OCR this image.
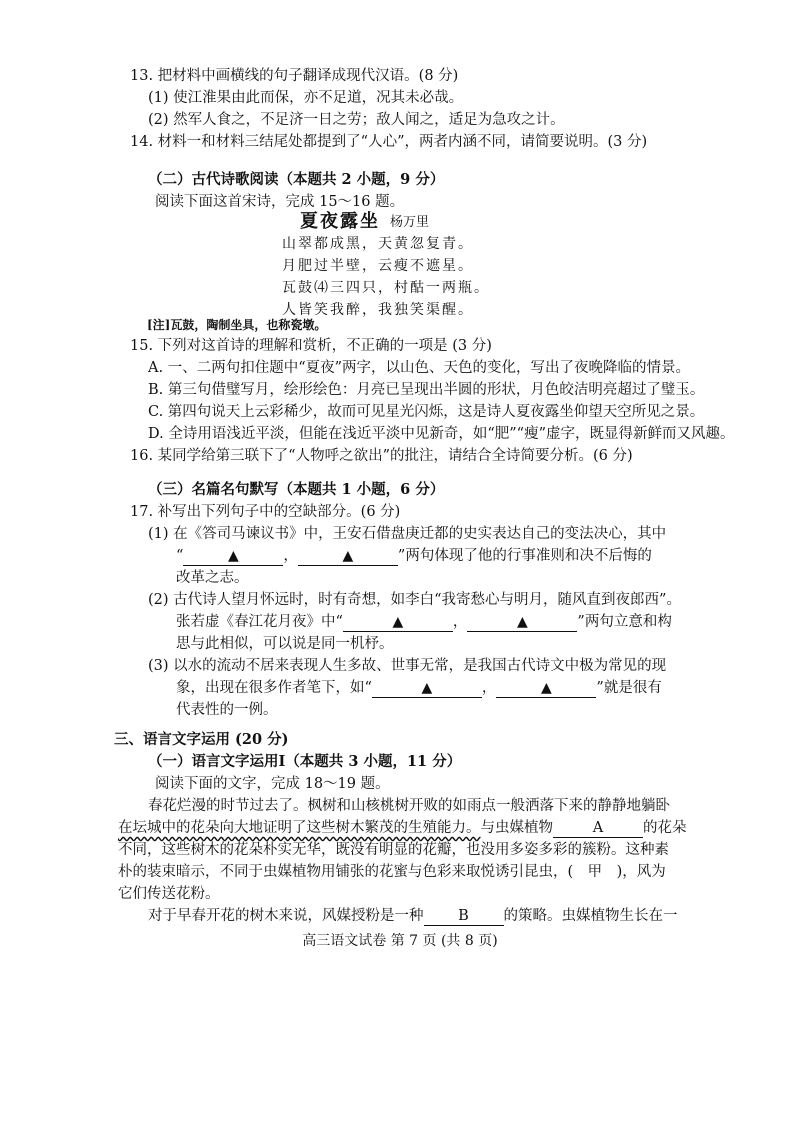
13. 把材料中画横线的句子翻译成现代汉语。(8 分)
(1) 使江淮果由此而保，亦不足道，况其未必哉。
(2) 然军人食之，不足济一日之劳；敌人闻之，适足为急攻之计。
14. 材料一和材料三结尾处都提到了“人心”，两者内涵不同，请简要说明。(3 分)
（二）古代诗歌阅读（本题共 2 小题，9 分）
阅读下面这首宋诗，完成 15～16 题。
夏夜露坐 杨万里
山翠都成黑，天黄忽复青。
月肥过半壁，云瘦不遮星。
瓦鼓⑷三四只，村酤一两瓶。
人皆笑我醉，我独笑渠醒。
[注]瓦鼓，陶制坐具，也称瓷墩。
15. 下列对这首诗的理解和赏析，不正确的一项是 (3 分)
A. 一、二两句扣住题中“夏夜”两字，以山色、天色的变化，写出了夜晚降临的情景。
B. 第三句借璧写月，绘形绘色：月亮已呈现出半圆的形状，月色皎洁明亮超过了璧玉。
C. 第四句说天上云彩稀少，故而可见星光闪烁，这是诗人夏夜露坐仰望天空所见之景。
D. 全诗用语浅近平淡，但能在浅近平淡中见新奇，如“肥”“瘦”虚字，既显得新鲜而又风趣。
16. 某同学给第三联下了“人物呼之欲出”的批注，请结合全诗简要分析。(6 分)
（三）名篇名句默写（本题共 1 小题，6 分）
17. 补写出下列句子中的空缺部分。(6 分)
(1) 在《答司马谏议书》中，王安石借盘庚迁都的史实表达自己的变法决心，其中
“	▲	，	▲	”两句体现了他的行事准则和决不后悔的
改革之志。
(2) 古代诗人望月怀远时，时有奇想，如李白“我寄愁心与明月，随风直到夜郎西”。
张若虚《春江花月夜》中“	▲	，	▲	”两句立意和构
思与此相似，可以说是同一机杼。
(3) 以水的流动不居来表现人生多故、世事无常，是我国古代诗文中极为常见的现
象，出现在很多作者笔下，如“	▲	，	▲	”就是很有
代表性的一例。
三、语言文字运用 (20 分)
（一）语言文字运用Ⅰ（本题共 3 小题，11 分）
阅读下面的文字，完成 18～19 题。
春花烂漫的时节过去了。枫树和山核桃树开败的如雨点一般洒落下来的静静地躺卧
在坛城中的花朵向大地证明了这些树木繁茂的生殖能力。与虫媒植物	A	的花朵
不同，这些树木的花朵朴实无华，既没有明显的花瓣，也没用多姿多彩的簇粉。这种素
朴的装束暗示，不同于虫媒植物用铺张的花蜜与色彩来取悦诱引昆虫，(　甲　)，风为
它们传送花粉。
对于早春开花的树木来说，风媒授粉是一种 B 的策略。虫媒植物生长在一
高三语文试卷 第 7 页 (共 8 页)
